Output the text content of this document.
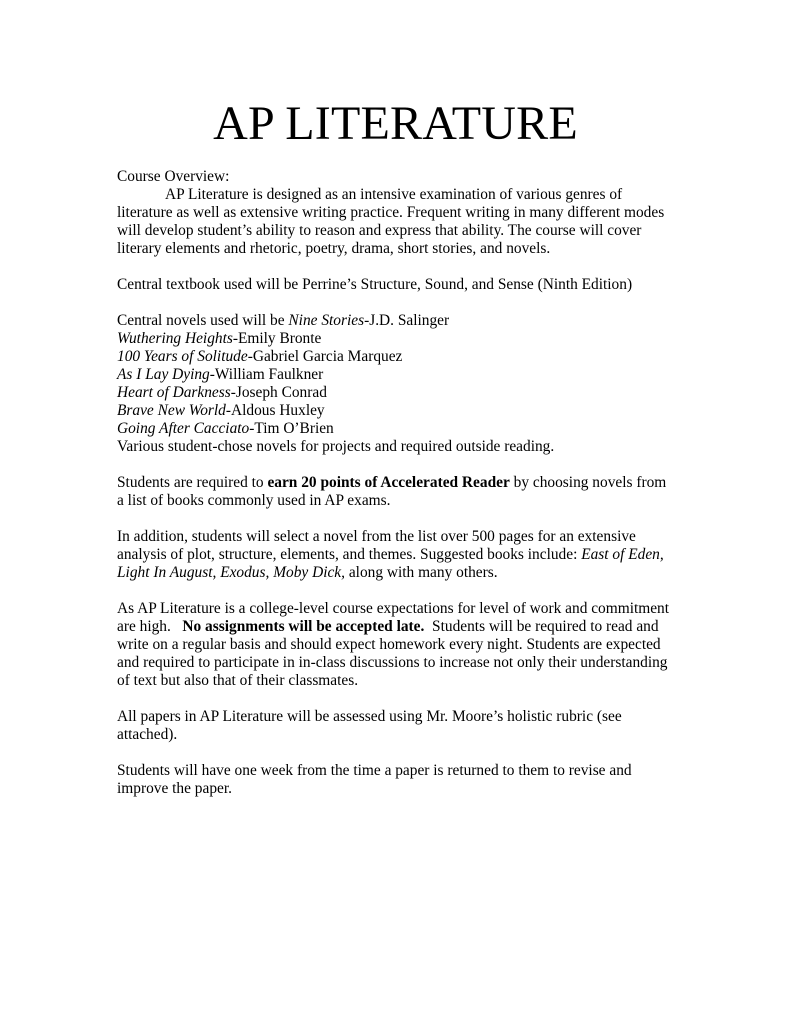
AP LITERATURE

Course Overview:
AP Literature is designed as an intensive examination of various genres of
literature as well as extensive writing practice. Frequent writing in many different modes
will develop student’s ability to reason and express that ability. The course will cover
literary elements and rhetoric, poetry, drama, short stories, and novels.

Central textbook used will be Perrine’s Structure, Sound, and Sense (Ninth Edition)

Central novels used will be Nine Stories-J.D. Salinger
Wuthering Heights-Emily Bronte
100 Years of Solitude-Gabriel Garcia Marquez
As I Lay Dying-William Faulkner
Heart of Darkness-Joseph Conrad
Brave New World-Aldous Huxley
Going After Cacciato-Tim O’Brien
Various student-chose novels for projects and required outside reading.

Students are required to earn 20 points of Accelerated Reader by choosing novels from
a list of books commonly used in AP exams.

In addition, students will select a novel from the list over 500 pages for an extensive
analysis of plot, structure, elements, and themes. Suggested books include: East of Eden,
Light In August, Exodus, Moby Dick, along with many others.

As AP Literature is a college-level course expectations for level of work and commitment
are high.   No assignments will be accepted late.  Students will be required to read and
write on a regular basis and should expect homework every night. Students are expected
and required to participate in in-class discussions to increase not only their understanding
of text but also that of their classmates.

All papers in AP Literature will be assessed using Mr. Moore’s holistic rubric (see
attached).

Students will have one week from the time a paper is returned to them to revise and
improve the paper.
